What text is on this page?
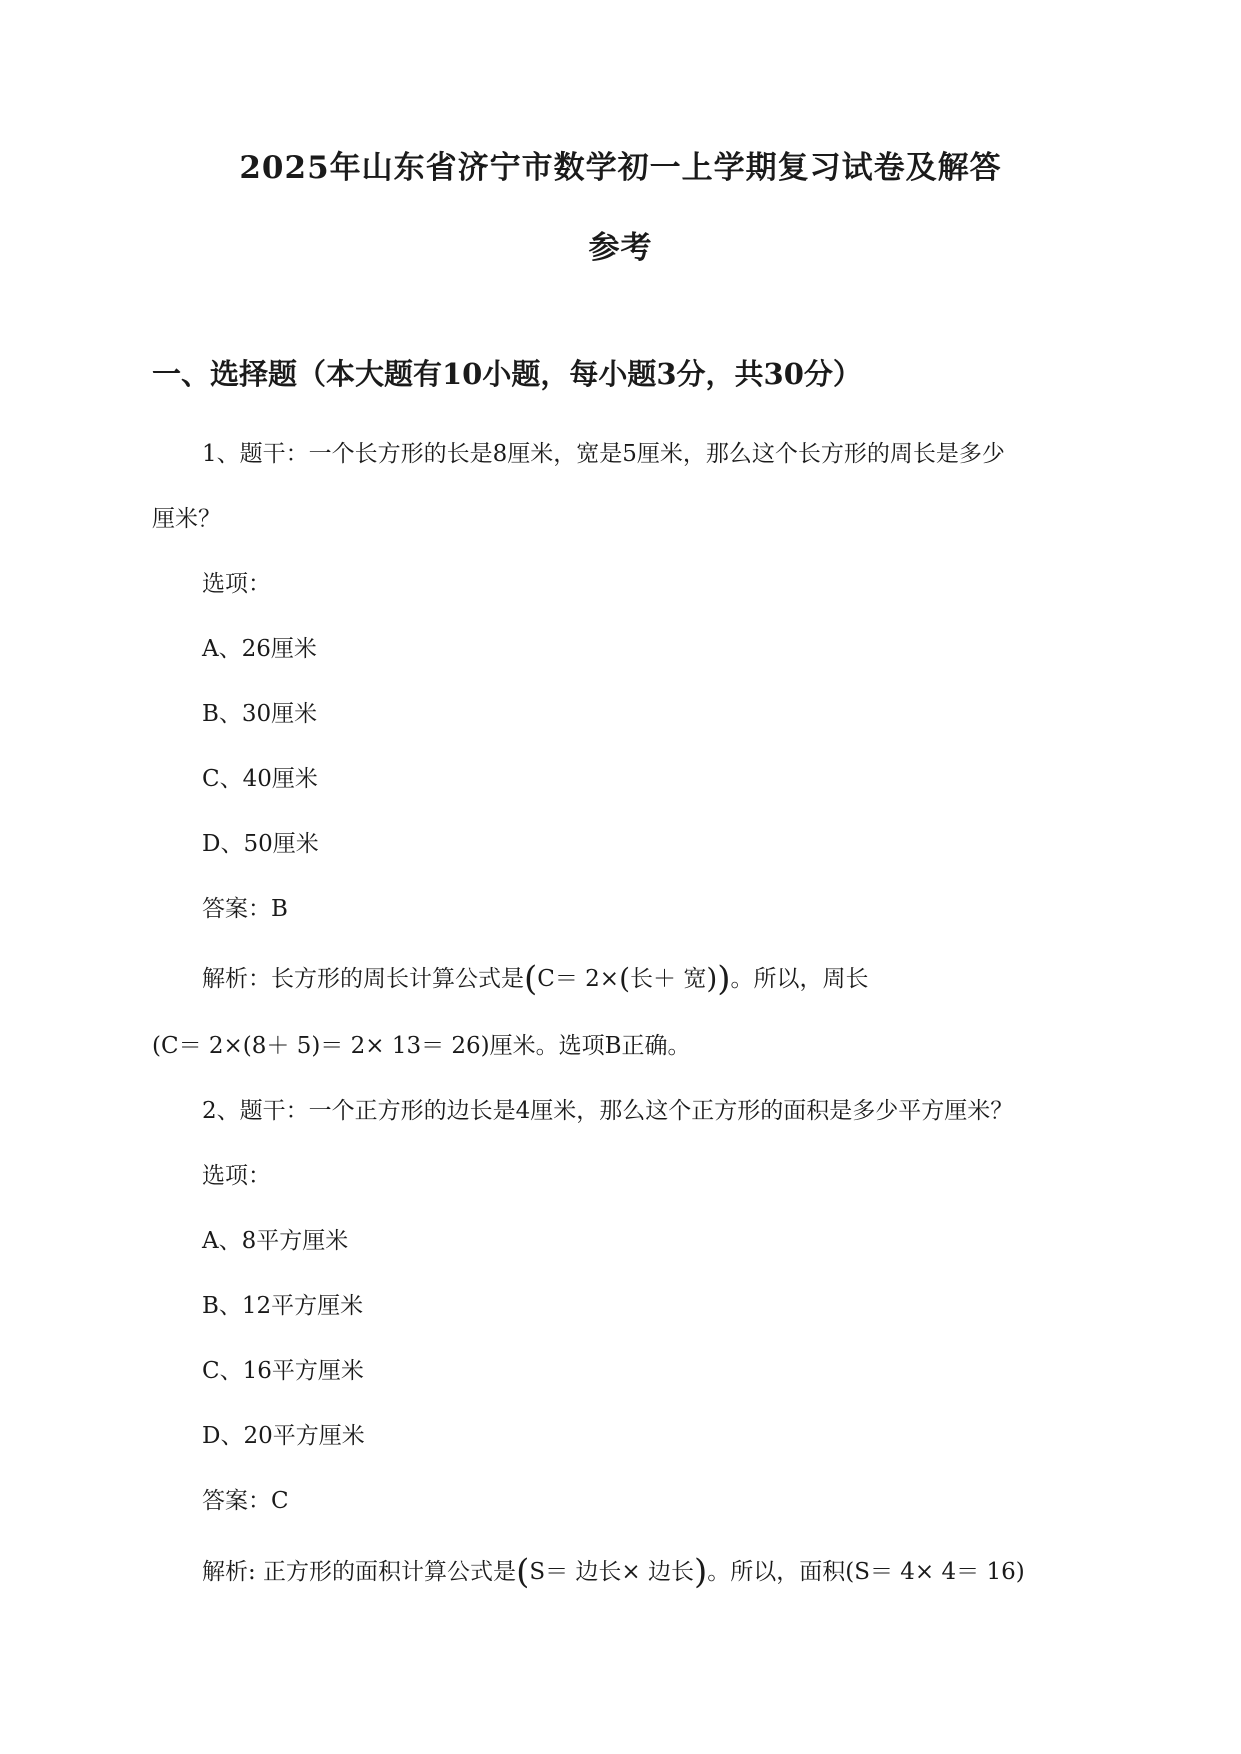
2025年山东省济宁市数学初一上学期复习试卷及解答
参考
一、选择题（本大题有10小题，每小题3分，共30分）
1、题干：一个长方形的长是8厘米，宽是5厘米，那么这个长方形的周长是多少
厘米？
选项：
A、26厘米
B、30厘米
C、40厘米
D、50厘米
答案：B
解析：长方形的周长计算公式是(C＝ 2×(长＋ 宽))。所以，周长
(C＝ 2×(8＋ 5)＝ 2× 13＝ 26)厘米。选项B正确。
2、题干：一个正方形的边长是4厘米，那么这个正方形的面积是多少平方厘米？
选项：
A、8平方厘米
B、12平方厘米
C、16平方厘米
D、20平方厘米
答案：C
解析: 正方形的面积计算公式是(S＝ 边长× 边长)。所以，面积(S＝ 4× 4＝ 16)
